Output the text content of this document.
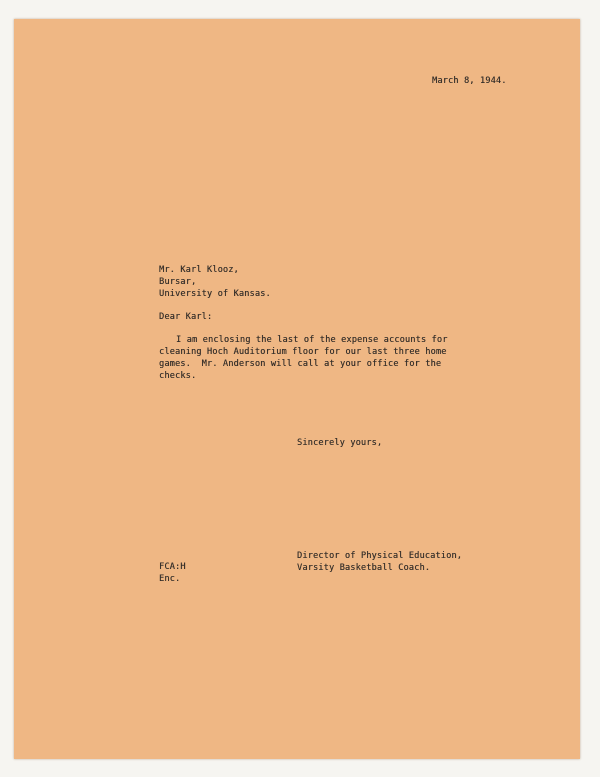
March 8, 1944.
Mr. Karl Klooz,
Bursar,
University of Kansas.
Dear Karl:
I am enclosing the last of the expense accounts for
cleaning Hoch Auditorium floor for our last three home
games.  Mr. Anderson will call at your office for the
checks.
Sincerely yours,
Director of Physical Education,
Varsity Basketball Coach.
FCA:H
Enc.
